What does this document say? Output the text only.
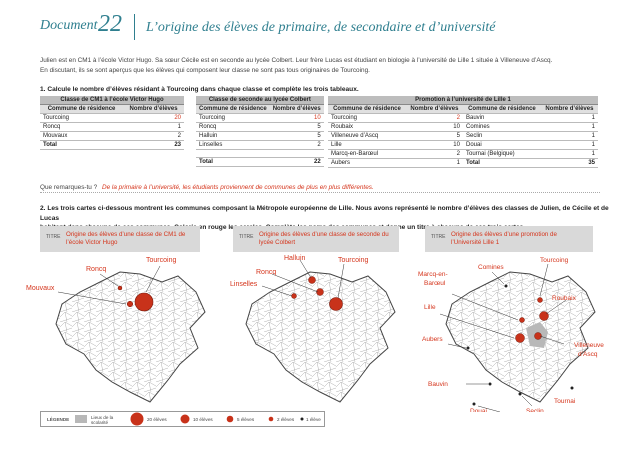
Document 22 L’origine des élèves de primaire, de secondaire et d’université
Julien est en CM1 à l’école Victor Hugo. Sa sœur Cécile est en seconde au lycée Colbert. Leur frère Lucas est étudiant en biologie à l’université de Lille 1 située à Villeneuve d’Ascq.
En discutant, ils se sont aperçus que les élèves qui composent leur classe ne sont pas tous originaires de Tourcoing.
1. Calcule le nombre d’élèves résidant à Tourcoing dans chaque classe et complète les trois tableaux.
Classe de CM1 à l’école Victor Hugo	
Commune de résidence	Nombre d’élèves
Tourcoing	20
Roncq	1
Mouvaux	2
Total	23
Classe de seconde au lycée Colbert	
Commune de résidence	Nombre d’élèves
Tourcoing	10
Roncq	5
Halluin	5
Linselles	2

Total	22
Promotion à l’université de Lille 1			
Commune de résidence	Nombre d’élèves	Commune de résidence	Nombre d’élèves
Tourcoing	2	Bauvin	1
Roubaix	10	Comines	1
Villeneuve d’Ascq	5	Seclin	1
Lille	10	Douai	1
Marcq-en-Barœul	2	Tournai (Belgique)	1
Aubers	1	Total	35
Que remarques-tu ? De la primaire à l’université, les étudiants proviennent de communes de plus en plus différentes.
2. Les trois cartes ci-dessous montrent les communes composant la Métropole européenne de Lille. Nous avons représenté le nombre d’élèves des classes de Julien, de Cécile et de Lucas
en rouge un titre
TITRE Origine des élèves d’une classe de CM1 de l’école Victor Hugo
TITRE Origine des élèves d’une classe de seconde du lycée Colbert
TITRE Origine des élèves d’une promotion de l’Université Lille 1
Roncq
Tourcoing
Mouvaux
Halluin
Roncq
Tourcoing
Linselles
Comines
Tourcoing
Marcq-en-
Barœul
Roubaix
Lille
Aubers
Villeneuve
d’Ascq
Bauvin
Douai	Seclin
Tournai
LÉGENDE	Lieux de la scolarité
20 élèves	10 élèves	5 élèves	2 élèves	1 élève
